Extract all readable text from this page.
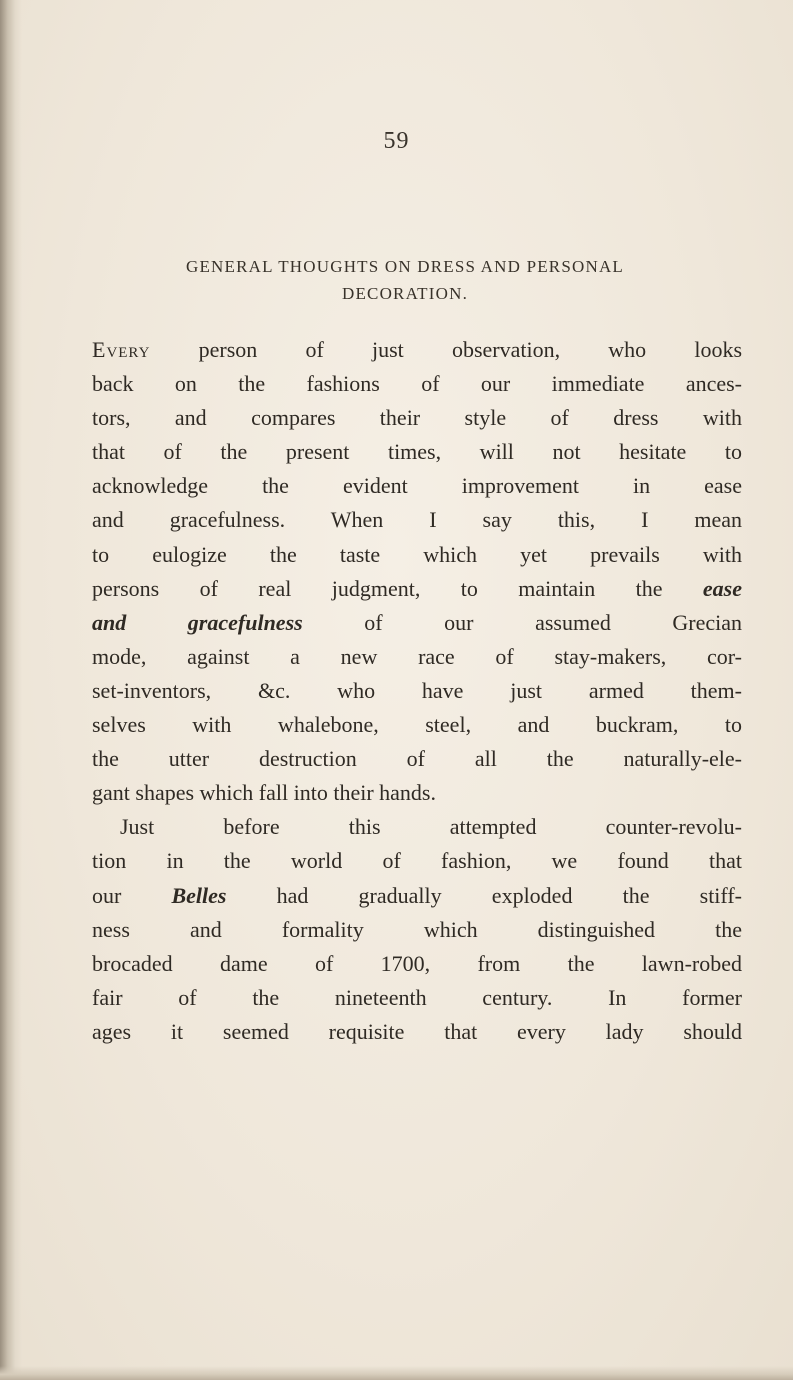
59
GENERAL THOUGHTS ON DRESS AND PERSONAL
DECORATION.
Every person of just observation, who looks
back on the fashions of our immediate ances-
tors, and compares their style of dress with
that of the present times, will not hesitate to
acknowledge the evident improvement in ease
and gracefulness. When I say this, I mean
to eulogize the taste which yet prevails with
persons of real judgment, to maintain the ease
and gracefulness	of our assumed Grecian
mode, against a new race of stay-makers, cor-
set-inventors, &c. who have just armed them-
selves with whalebone, steel, and buckram, to
the utter destruction of all the naturally-ele-
gant shapes which fall into their hands.
Just before this attempted counter-revolu-
tion in the world of fashion, we found that
our Belles had gradually exploded the stiff-
ness and formality which distinguished the
brocaded dame of 1700, from the lawn-robed
fair of the nineteenth century. In former
ages it seemed requisite that every lady should
